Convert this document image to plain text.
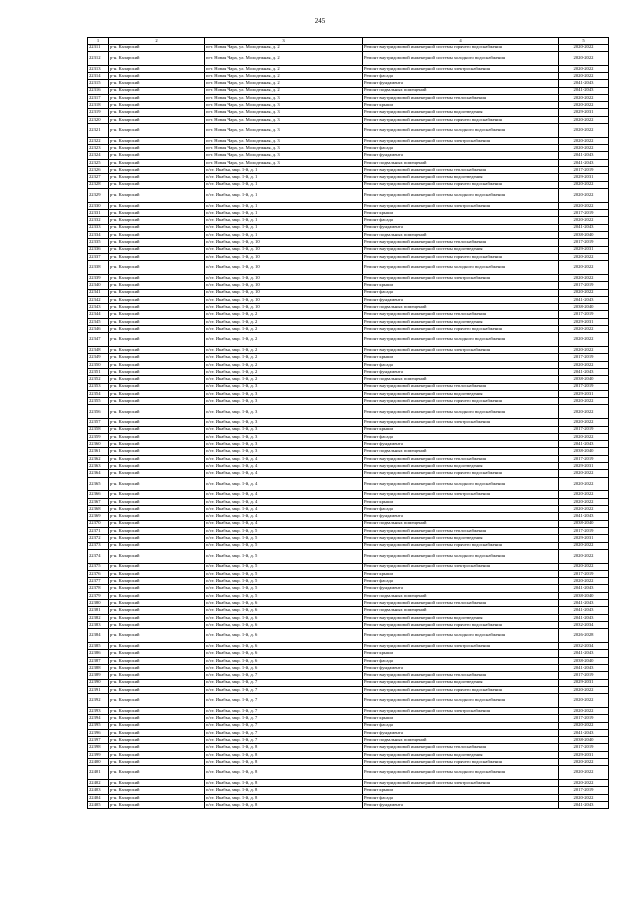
245
1	2	3	4	5
22311	р-н. Каларский	пгт. Новая Чара, ул. Молодежная, д. 2	Ремонт внутридомовой инженерной системы горячего водоснабжения	2020-2022
22312	р-н. Каларский	пгт. Новая Чара, ул. Молодежная, д. 2	Ремонт внутридомовой инженерной системы холодного водоснабжения	2020-2022
22313	р-н. Каларский	пгт. Новая Чара, ул. Молодежная, д. 2	Ремонт внутридомовой инженерной системы электроснабжения	2020-2022
22314	р-н. Каларский	пгт. Новая Чара, ул. Молодежная, д. 2	Ремонт фасада	2020-2022
22315	р-н. Каларский	пгт. Новая Чара, ул. Молодежная, д. 2	Ремонт фундамента	2041-2043
22316	р-н. Каларский	пгт. Новая Чара, ул. Молодежная, д. 2	Ремонт подвальных помещений	2041-2043
22317	р-н. Каларский	пгт. Новая Чара, ул. Молодежная, д. 3	Ремонт внутридомовой инженерной системы теплоснабжения	2020-2022
22318	р-н. Каларский	пгт. Новая Чара, ул. Молодежная, д. 3	Ремонт крыши	2020-2022
22319	р-н. Каларский	пгт. Новая Чара, ул. Молодежная, д. 3	Ремонт внутридомовой инженерной системы водоотведения	2029-2031
22320	р-н. Каларский	пгт. Новая Чара, ул. Молодежная, д. 3	Ремонт внутридомовой инженерной системы горячего водоснабжения	2020-2022
22321	р-н. Каларский	пгт. Новая Чара, ул. Молодежная, д. 3	Ремонт внутридомовой инженерной системы холодного водоснабжения	2020-2022
22322	р-н. Каларский	пгт. Новая Чара, ул. Молодежная, д. 3	Ремонт внутридомовой инженерной системы электроснабжения	2020-2022
22323	р-н. Каларский	пгт. Новая Чара, ул. Молодежная, д. 3	Ремонт фасада	2020-2022
22324	р-н. Каларский	пгт. Новая Чара, ул. Молодежная, д. 3	Ремонт фундамента	2041-2043
22325	р-н. Каларский	пгт. Новая Чара, ул. Молодежная, д. 3	Ремонт подвальных помещений	2041-2043
22326	р-н. Каларский	п/ст. Икабья, мкр. 1-й, д. 1	Ремонт внутридомовой инженерной системы теплоснабжения	2017-2019
22327	р-н. Каларский	п/ст. Икабья, мкр. 1-й, д. 1	Ремонт внутридомовой инженерной системы водоотведения	2029-2031
22328	р-н. Каларский	п/ст. Икабья, мкр. 1-й, д. 1	Ремонт внутридомовой инженерной системы горячего водоснабжения	2020-2022
22329	р-н. Каларский	п/ст. Икабья, мкр. 1-й, д. 1	Ремонт внутридомовой инженерной системы холодного водоснабжения	2020-2022
22330	р-н. Каларский	п/ст. Икабья, мкр. 1-й, д. 1	Ремонт внутридомовой инженерной системы электроснабжения	2020-2022
22331	р-н. Каларский	п/ст. Икабья, мкр. 1-й, д. 1	Ремонт крыши	2017-2019
22332	р-н. Каларский	п/ст. Икабья, мкр. 1-й, д. 1	Ремонт фасада	2020-2022
22333	р-н. Каларский	п/ст. Икабья, мкр. 1-й, д. 1	Ремонт фундамента	2041-2043
22334	р-н. Каларский	п/ст. Икабья, мкр. 1-й, д. 1	Ремонт подвальных помещений	2038-2040
22335	р-н. Каларский	п/ст. Икабья, мкр. 1-й, д. 10	Ремонт внутридомовой инженерной системы теплоснабжения	2017-2019
22336	р-н. Каларский	п/ст. Икабья, мкр. 1-й, д. 10	Ремонт внутридомовой инженерной системы водоотведения	2029-2031
22337	р-н. Каларский	п/ст. Икабья, мкр. 1-й, д. 10	Ремонт внутридомовой инженерной системы горячего водоснабжения	2020-2022
22338	р-н. Каларский	п/ст. Икабья, мкр. 1-й, д. 10	Ремонт внутридомовой инженерной системы холодного водоснабжения	2020-2022
22339	р-н. Каларский	п/ст. Икабья, мкр. 1-й, д. 10	Ремонт внутридомовой инженерной системы электроснабжения	2020-2022
22340	р-н. Каларский	п/ст. Икабья, мкр. 1-й, д. 10	Ремонт крыши	2017-2019
22341	р-н. Каларский	п/ст. Икабья, мкр. 1-й, д. 10	Ремонт фасада	2020-2022
22342	р-н. Каларский	п/ст. Икабья, мкр. 1-й, д. 10	Ремонт фундамента	2041-2043
22343	р-н. Каларский	п/ст. Икабья, мкр. 1-й, д. 10	Ремонт подвальных помещений	2038-2040
22344	р-н. Каларский	п/ст. Икабья, мкр. 1-й, д. 2	Ремонт внутридомовой инженерной системы теплоснабжения	2017-2019
22345	р-н. Каларский	п/ст. Икабья, мкр. 1-й, д. 2	Ремонт внутридомовой инженерной системы водоотведения	2029-2031
22346	р-н. Каларский	п/ст. Икабья, мкр. 1-й, д. 2	Ремонт внутридомовой инженерной системы горячего водоснабжения	2020-2022
22347	р-н. Каларский	п/ст. Икабья, мкр. 1-й, д. 2	Ремонт внутридомовой инженерной системы холодного водоснабжения	2020-2022
22348	р-н. Каларский	п/ст. Икабья, мкр. 1-й, д. 2	Ремонт внутридомовой инженерной системы электроснабжения	2020-2022
22349	р-н. Каларский	п/ст. Икабья, мкр. 1-й, д. 2	Ремонт крыши	2017-2019
22350	р-н. Каларский	п/ст. Икабья, мкр. 1-й, д. 2	Ремонт фасада	2020-2022
22351	р-н. Каларский	п/ст. Икабья, мкр. 1-й, д. 2	Ремонт фундамента	2041-2043
22352	р-н. Каларский	п/ст. Икабья, мкр. 1-й, д. 2	Ремонт подвальных помещений	2038-2040
22353	р-н. Каларский	п/ст. Икабья, мкр. 1-й, д. 3	Ремонт внутридомовой инженерной системы теплоснабжения	2017-2019
22354	р-н. Каларский	п/ст. Икабья, мкр. 1-й, д. 3	Ремонт внутридомовой инженерной системы водоотведения	2029-2031
22355	р-н. Каларский	п/ст. Икабья, мкр. 1-й, д. 3	Ремонт внутридомовой инженерной системы горячего водоснабжения	2020-2022
22356	р-н. Каларский	п/ст. Икабья, мкр. 1-й, д. 3	Ремонт внутридомовой инженерной системы холодного водоснабжения	2020-2022
22357	р-н. Каларский	п/ст. Икабья, мкр. 1-й, д. 3	Ремонт внутридомовой инженерной системы электроснабжения	2020-2022
22358	р-н. Каларский	п/ст. Икабья, мкр. 1-й, д. 3	Ремонт крыши	2017-2019
22359	р-н. Каларский	п/ст. Икабья, мкр. 1-й, д. 3	Ремонт фасада	2020-2022
22360	р-н. Каларский	п/ст. Икабья, мкр. 1-й, д. 3	Ремонт фундамента	2041-2043
22361	р-н. Каларский	п/ст. Икабья, мкр. 1-й, д. 3	Ремонт подвальных помещений	2038-2040
22362	р-н. Каларский	п/ст. Икабья, мкр. 1-й, д. 4	Ремонт внутридомовой инженерной системы теплоснабжения	2017-2019
22363	р-н. Каларский	п/ст. Икабья, мкр. 1-й, д. 4	Ремонт внутридомовой инженерной системы водоотведения	2029-2031
22364	р-н. Каларский	п/ст. Икабья, мкр. 1-й, д. 4	Ремонт внутридомовой инженерной системы горячего водоснабжения	2020-2022
22365	р-н. Каларский	п/ст. Икабья, мкр. 1-й, д. 4	Ремонт внутридомовой инженерной системы холодного водоснабжения	2020-2022
22366	р-н. Каларский	п/ст. Икабья, мкр. 1-й, д. 4	Ремонт внутридомовой инженерной системы электроснабжения	2020-2022
22367	р-н. Каларский	п/ст. Икабья, мкр. 1-й, д. 4	Ремонт крыши	2020-2022
22368	р-н. Каларский	п/ст. Икабья, мкр. 1-й, д. 4	Ремонт фасада	2020-2022
22369	р-н. Каларский	п/ст. Икабья, мкр. 1-й, д. 4	Ремонт фундамента	2041-2043
22370	р-н. Каларский	п/ст. Икабья, мкр. 1-й, д. 4	Ремонт подвальных помещений	2038-2040
22371	р-н. Каларский	п/ст. Икабья, мкр. 1-й, д. 5	Ремонт внутридомовой инженерной системы теплоснабжения	2017-2019
22372	р-н. Каларский	п/ст. Икабья, мкр. 1-й, д. 5	Ремонт внутридомовой инженерной системы водоотведения	2029-2031
22373	р-н. Каларский	п/ст. Икабья, мкр. 1-й, д. 5	Ремонт внутридомовой инженерной системы горячего водоснабжения	2020-2022
22374	р-н. Каларский	п/ст. Икабья, мкр. 1-й, д. 5	Ремонт внутридомовой инженерной системы холодного водоснабжения	2020-2022
22375	р-н. Каларский	п/ст. Икабья, мкр. 1-й, д. 5	Ремонт внутридомовой инженерной системы электроснабжения	2020-2022
22376	р-н. Каларский	п/ст. Икабья, мкр. 1-й, д. 5	Ремонт крыши	2017-2019
22377	р-н. Каларский	п/ст. Икабья, мкр. 1-й, д. 5	Ремонт фасада	2020-2022
22378	р-н. Каларский	п/ст. Икабья, мкр. 1-й, д. 5	Ремонт фундамента	2041-2043
22379	р-н. Каларский	п/ст. Икабья, мкр. 1-й, д. 5	Ремонт подвальных помещений	2038-2040
22380	р-н. Каларский	п/ст. Икабья, мкр. 1-й, д. 6	Ремонт внутридомовой инженерной системы теплоснабжения	2041-2043
22381	р-н. Каларский	п/ст. Икабья, мкр. 1-й, д. 6	Ремонт подвальных помещений	2041-2043
22382	р-н. Каларский	п/ст. Икабья, мкр. 1-й, д. 6	Ремонт внутридомовой инженерной системы водоотведения	2041-2043
22383	р-н. Каларский	п/ст. Икабья, мкр. 1-й, д. 6	Ремонт внутридомовой инженерной системы горячего водоснабжения	2032-2034
22384	р-н. Каларский	п/ст. Икабья, мкр. 1-й, д. 6	Ремонт внутридомовой инженерной системы холодного водоснабжения	2026-2028
22385	р-н. Каларский	п/ст. Икабья, мкр. 1-й, д. 6	Ремонт внутридомовой инженерной системы электроснабжения	2032-2034
22386	р-н. Каларский	п/ст. Икабья, мкр. 1-й, д. 6	Ремонт крыши	2041-2043
22387	р-н. Каларский	п/ст. Икабья, мкр. 1-й, д. 6	Ремонт фасада	2038-2040
22388	р-н. Каларский	п/ст. Икабья, мкр. 1-й, д. 6	Ремонт фундамента	2041-2043
22389	р-н. Каларский	п/ст. Икабья, мкр. 1-й, д. 7	Ремонт внутридомовой инженерной системы теплоснабжения	2017-2019
22390	р-н. Каларский	п/ст. Икабья, мкр. 1-й, д. 7	Ремонт внутридомовой инженерной системы водоотведения	2029-2031
22391	р-н. Каларский	п/ст. Икабья, мкр. 1-й, д. 7	Ремонт внутридомовой инженерной системы горячего водоснабжения	2020-2022
22392	р-н. Каларский	п/ст. Икабья, мкр. 1-й, д. 7	Ремонт внутридомовой инженерной системы холодного водоснабжения	2020-2022
22393	р-н. Каларский	п/ст. Икабья, мкр. 1-й, д. 7	Ремонт внутридомовой инженерной системы электроснабжения	2020-2022
22394	р-н. Каларский	п/ст. Икабья, мкр. 1-й, д. 7	Ремонт крыши	2017-2019
22395	р-н. Каларский	п/ст. Икабья, мкр. 1-й, д. 7	Ремонт фасада	2020-2022
22396	р-н. Каларский	п/ст. Икабья, мкр. 1-й, д. 7	Ремонт фундамента	2041-2043
22397	р-н. Каларский	п/ст. Икабья, мкр. 1-й, д. 7	Ремонт подвальных помещений	2038-2040
22398	р-н. Каларский	п/ст. Икабья, мкр. 1-й, д. 8	Ремонт внутридомовой инженерной системы теплоснабжения	2017-2019
22399	р-н. Каларский	п/ст. Икабья, мкр. 1-й, д. 8	Ремонт внутридомовой инженерной системы водоотведения	2029-2031
22400	р-н. Каларский	п/ст. Икабья, мкр. 1-й, д. 8	Ремонт внутридомовой инженерной системы горячего водоснабжения	2020-2022
22401	р-н. Каларский	п/ст. Икабья, мкр. 1-й, д. 8	Ремонт внутридомовой инженерной системы холодного водоснабжения	2020-2022
22402	р-н. Каларский	п/ст. Икабья, мкр. 1-й, д. 8	Ремонт внутридомовой инженерной системы электроснабжения	2020-2022
22403	р-н. Каларский	п/ст. Икабья, мкр. 1-й, д. 8	Ремонт крыши	2017-2019
22404	р-н. Каларский	п/ст. Икабья, мкр. 1-й, д. 8	Ремонт фасада	2020-2022
22405	р-н. Каларский	п/ст. Икабья, мкр. 1-й, д. 8	Ремонт фундамента	2041-2043
